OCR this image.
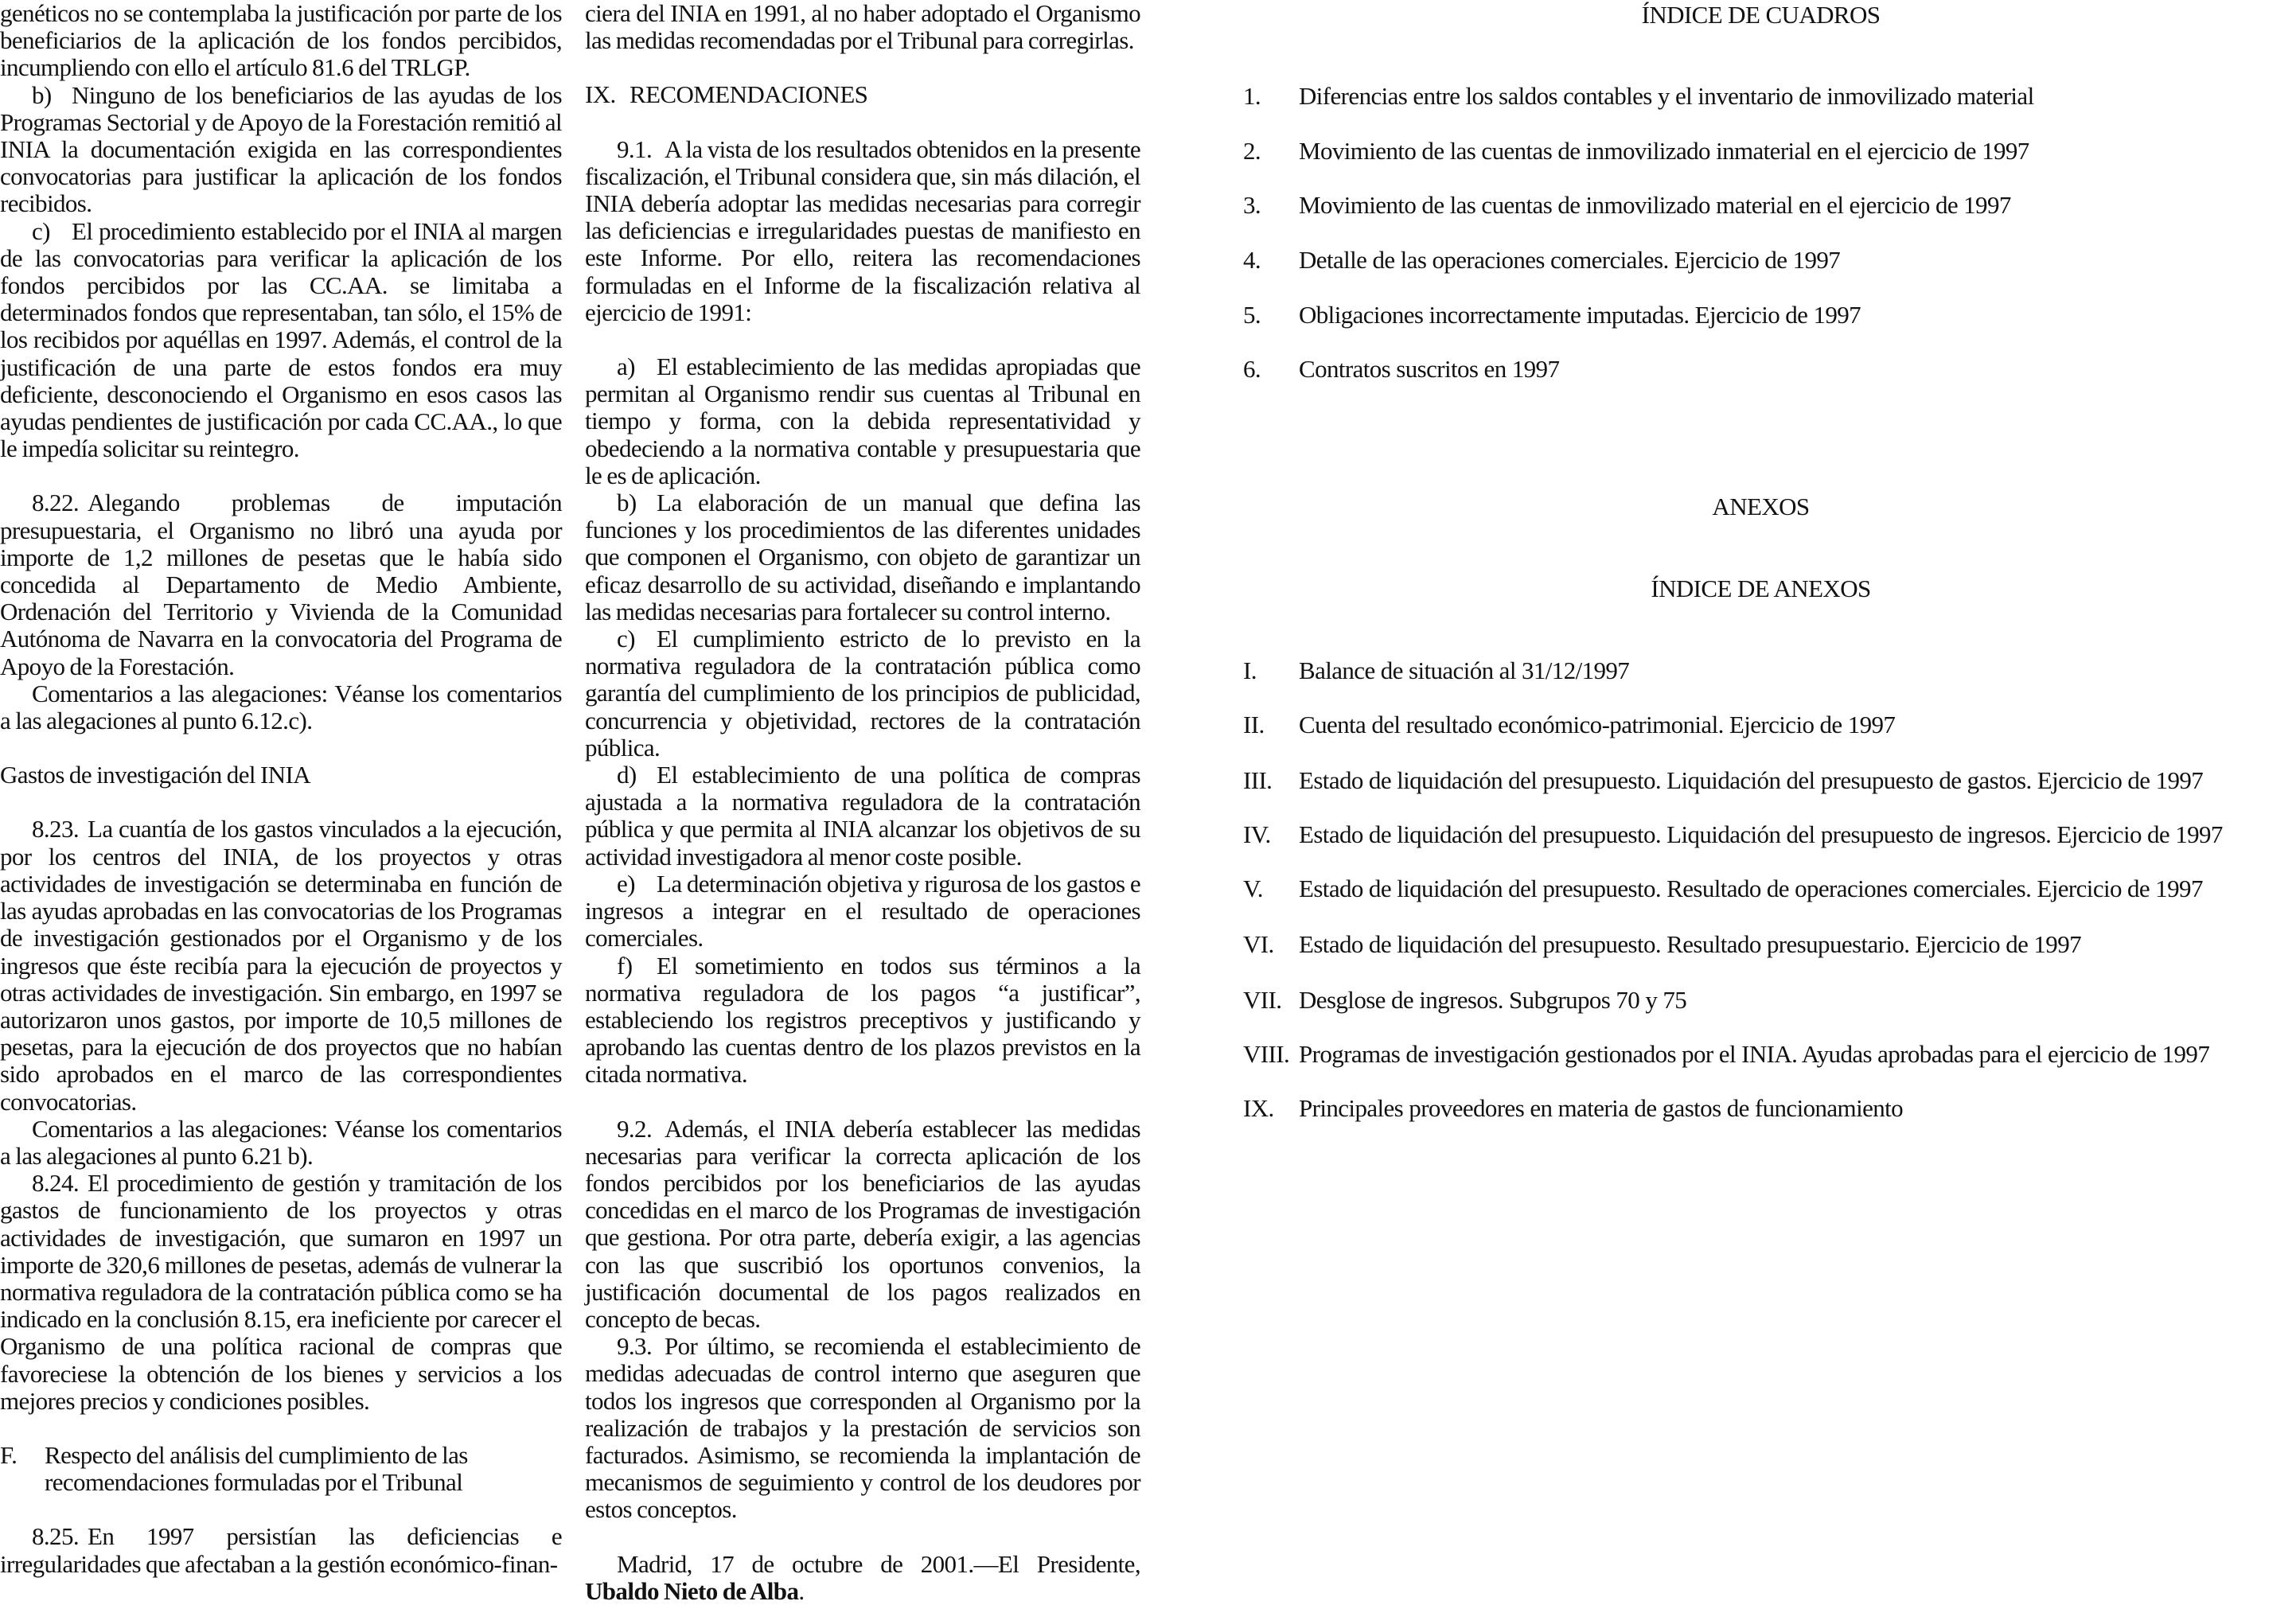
genéticos no se contemplaba la justificación por parte de los beneficiarios de la aplicación de los fondos percibidos, incumpliendo con ello el artículo 81.6 del TRLGP.

b) Ninguno de los beneficiarios de las ayudas de los Programas Sectorial y de Apoyo de la Forestación remitió al INIA la documentación exigida en las correspondientes convocatorias para justificar la aplicación de los fondos recibidos.

c) El procedimiento establecido por el INIA al margen de las convocatorias para verificar la aplicación de los fondos percibidos por las CC.AA. se limitaba a determinados fondos que representaban, tan sólo, el 15% de los recibidos por aquéllas en 1997. Además, el control de la justificación de una parte de estos fondos era muy deficiente, desconociendo el Organismo en esos casos las ayudas pendientes de justificación por cada CC.AA., lo que le impedía solicitar su reintegro.

8.22. Alegando problemas de imputación presupuestaria, el Organismo no libró una ayuda por importe de 1,2 millones de pesetas que le había sido concedida al Departamento de Medio Ambiente, Ordenación del Territorio y Vivienda de la Comunidad Autónoma de Navarra en la convocatoria del Programa de Apoyo de la Forestación.

Comentarios a las alegaciones: Véanse los comentarios a las alegaciones al punto 6.12.c).

Gastos de investigación del INIA

8.23. La cuantía de los gastos vinculados a la ejecución, por los centros del INIA, de los proyectos y otras actividades de investigación se determinaba en función de las ayudas aprobadas en las convocatorias de los Programas de investigación gestionados por el Organismo y de los ingresos que éste recibía para la ejecución de proyectos y otras actividades de investigación. Sin embargo, en 1997 se autorizaron unos gastos, por importe de 10,5 millones de pesetas, para la ejecución de dos proyectos que no habían sido aprobados en el marco de las correspondientes convocatorias.

Comentarios a las alegaciones: Véanse los comentarios a las alegaciones al punto 6.21 b).

8.24. El procedimiento de gestión y tramitación de los gastos de funcionamiento de los proyectos y otras actividades de investigación, que sumaron en 1997 un importe de 320,6 millones de pesetas, además de vulnerar la normativa reguladora de la contratación pública como se ha indicado en la conclusión 8.15, era ineficiente por carecer el Organismo de una política racional de compras que favoreciese la obtención de los bienes y servicios a los mejores precios y condiciones posibles.

F.	Respecto del análisis del cumplimiento de las recomendaciones formuladas por el Tribunal

8.25. En 1997 persistían las deficiencias e irregularidades que afectaban a la gestión económico-finan-

ciera del INIA en 1991, al no haber adoptado el Organismo las medidas recomendadas por el Tribunal para corregirlas.

IX. RECOMENDACIONES

9.1. A la vista de los resultados obtenidos en la presente fiscalización, el Tribunal considera que, sin más dilación, el INIA debería adoptar las medidas necesarias para corregir las deficiencias e irregularidades puestas de manifiesto en este Informe. Por ello, reitera las recomendaciones formuladas en el Informe de la fiscalización relativa al ejercicio de 1991:

a) El establecimiento de las medidas apropiadas que permitan al Organismo rendir sus cuentas al Tribunal en tiempo y forma, con la debida representatividad y obedeciendo a la normativa contable y presupuestaria que le es de aplicación.

b) La elaboración de un manual que defina las funciones y los procedimientos de las diferentes unidades que componen el Organismo, con objeto de garantizar un eficaz desarrollo de su actividad, diseñando e implantando las medidas necesarias para fortalecer su control interno.

c) El cumplimiento estricto de lo previsto en la normativa reguladora de la contratación pública como garantía del cumplimiento de los principios de publicidad, concurrencia y objetividad, rectores de la contratación pública.

d) El establecimiento de una política de compras ajustada a la normativa reguladora de la contratación pública y que permita al INIA alcanzar los objetivos de su actividad investigadora al menor coste posible.

e) La determinación objetiva y rigurosa de los gastos e ingresos a integrar en el resultado de operaciones comerciales.

f) El sometimiento en todos sus términos a la normativa reguladora de los pagos “a justificar”, estableciendo los registros preceptivos y justificando y aprobando las cuentas dentro de los plazos previstos en la citada normativa.

9.2. Además, el INIA debería establecer las medidas necesarias para verificar la correcta aplicación de los fondos percibidos por los beneficiarios de las ayudas concedidas en el marco de los Programas de investigación que gestiona. Por otra parte, debería exigir, a las agencias con las que suscribió los oportunos convenios, la justificación documental de los pagos realizados en concepto de becas.

9.3. Por último, se recomienda el establecimiento de medidas adecuadas de control interno que aseguren que todos los ingresos que corresponden al Organismo por la realización de trabajos y la prestación de servicios son facturados. Asimismo, se recomienda la implantación de mecanismos de seguimiento y control de los deudores por estos conceptos.

Madrid, 17 de octubre de 2001.—El Presidente, Ubaldo Nieto de Alba.

ÍNDICE DE CUADROS
1. Diferencias entre los saldos contables y el inventario de inmovilizado material
2. Movimiento de las cuentas de inmovilizado inmaterial en el ejercicio de 1997
3. Movimiento de las cuentas de inmovilizado material en el ejercicio de 1997
4. Detalle de las operaciones comerciales. Ejercicio de 1997
5. Obligaciones incorrectamente imputadas. Ejercicio de 1997
6. Contratos suscritos en 1997
ANEXOS
ÍNDICE DE ANEXOS
I. Balance de situación al 31/12/1997
II. Cuenta del resultado económico-patrimonial. Ejercicio de 1997
III. Estado de liquidación del presupuesto. Liquidación del presupuesto de gastos. Ejercicio de 1997
IV. Estado de liquidación del presupuesto. Liquidación del presupuesto de ingresos. Ejercicio de 1997
V. Estado de liquidación del presupuesto. Resultado de operaciones comerciales. Ejercicio de 1997
VI. Estado de liquidación del presupuesto. Resultado presupuestario. Ejercicio de 1997
VII. Desglose de ingresos. Subgrupos 70 y 75
VIII. Programas de investigación gestionados por el INIA. Ayudas aprobadas para el ejercicio de 1997
IX. Principales proveedores en materia de gastos de funcionamiento
